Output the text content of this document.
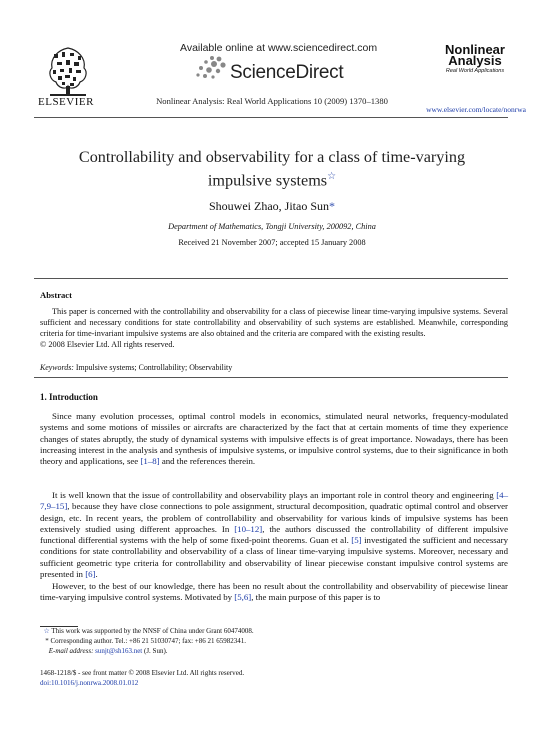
ELSEVIER
Available online at www.sciencedirect.com
ScienceDirect
Nonlinear Analysis: Real World Applications 10 (2009) 1370–1380
Nonlinear
Analysis
Real World Applications
www.elsevier.com/locate/nonrwa
Controllability and observability for a class of time-varying
impulsive systems☆
Shouwei Zhao, Jitao Sun*
Department of Mathematics, Tongji University, 200092, China
Received 21 November 2007; accepted 15 January 2008
Abstract
This paper is concerned with the controllability and observability for a class of piecewise linear time-varying impulsive systems. Several sufficient and necessary conditions for state controllability and observability of such systems are established. Meanwhile, corresponding criteria for time-invariant impulsive systems are also obtained and the criteria are compared with the existing results.
© 2008 Elsevier Ltd. All rights reserved.
Keywords: Impulsive systems; Controllability; Observability
1. Introduction
Since many evolution processes, optimal control models in economics, stimulated neural networks, frequency-modulated systems and some motions of missiles or aircrafts are characterized by the fact that at certain moments of time they experience changes of states abruptly, the study of dynamical systems with impulsive effects is of great importance. Nowadays, there has been increasing interest in the analysis and synthesis of impulsive systems, or impulsive control systems, due to their significance in both theory and applications, see [1–8] and the references therein.
It is well known that the issue of controllability and observability plays an important role in control theory and engineering [4–7,9–15], because they have close connections to pole assignment, structural decomposition, quadratic optimal control and observer design, etc. In recent years, the problem of controllability and observability for various kinds of impulsive systems has been extensively studied using different approaches. In [10–12], the authors discussed the controllability of different impulsive functional differential systems with the help of some fixed-point theorems. Guan et al. [5] investigated the sufficient and necessary conditions for state controllability and observability of a class of linear time-varying impulsive systems. Moreover, necessary and sufficient geometric type criteria for controllability and observability of linear piecewise constant impulsive control systems are presented in [6].
However, to the best of our knowledge, there has been no result about the controllability and observability of piecewise linear time-varying impulsive control systems. Motivated by [5,6], the main purpose of this paper is to
☆ This work was supported by the NNSF of China under Grant 60474008.
* Corresponding author. Tel.: +86 21 51030747; fax: +86 21 65982341.
E-mail address: sunjt@sh163.net (J. Sun).
1468-1218/$ - see front matter © 2008 Elsevier Ltd. All rights reserved.
doi:10.1016/j.nonrwa.2008.01.012
